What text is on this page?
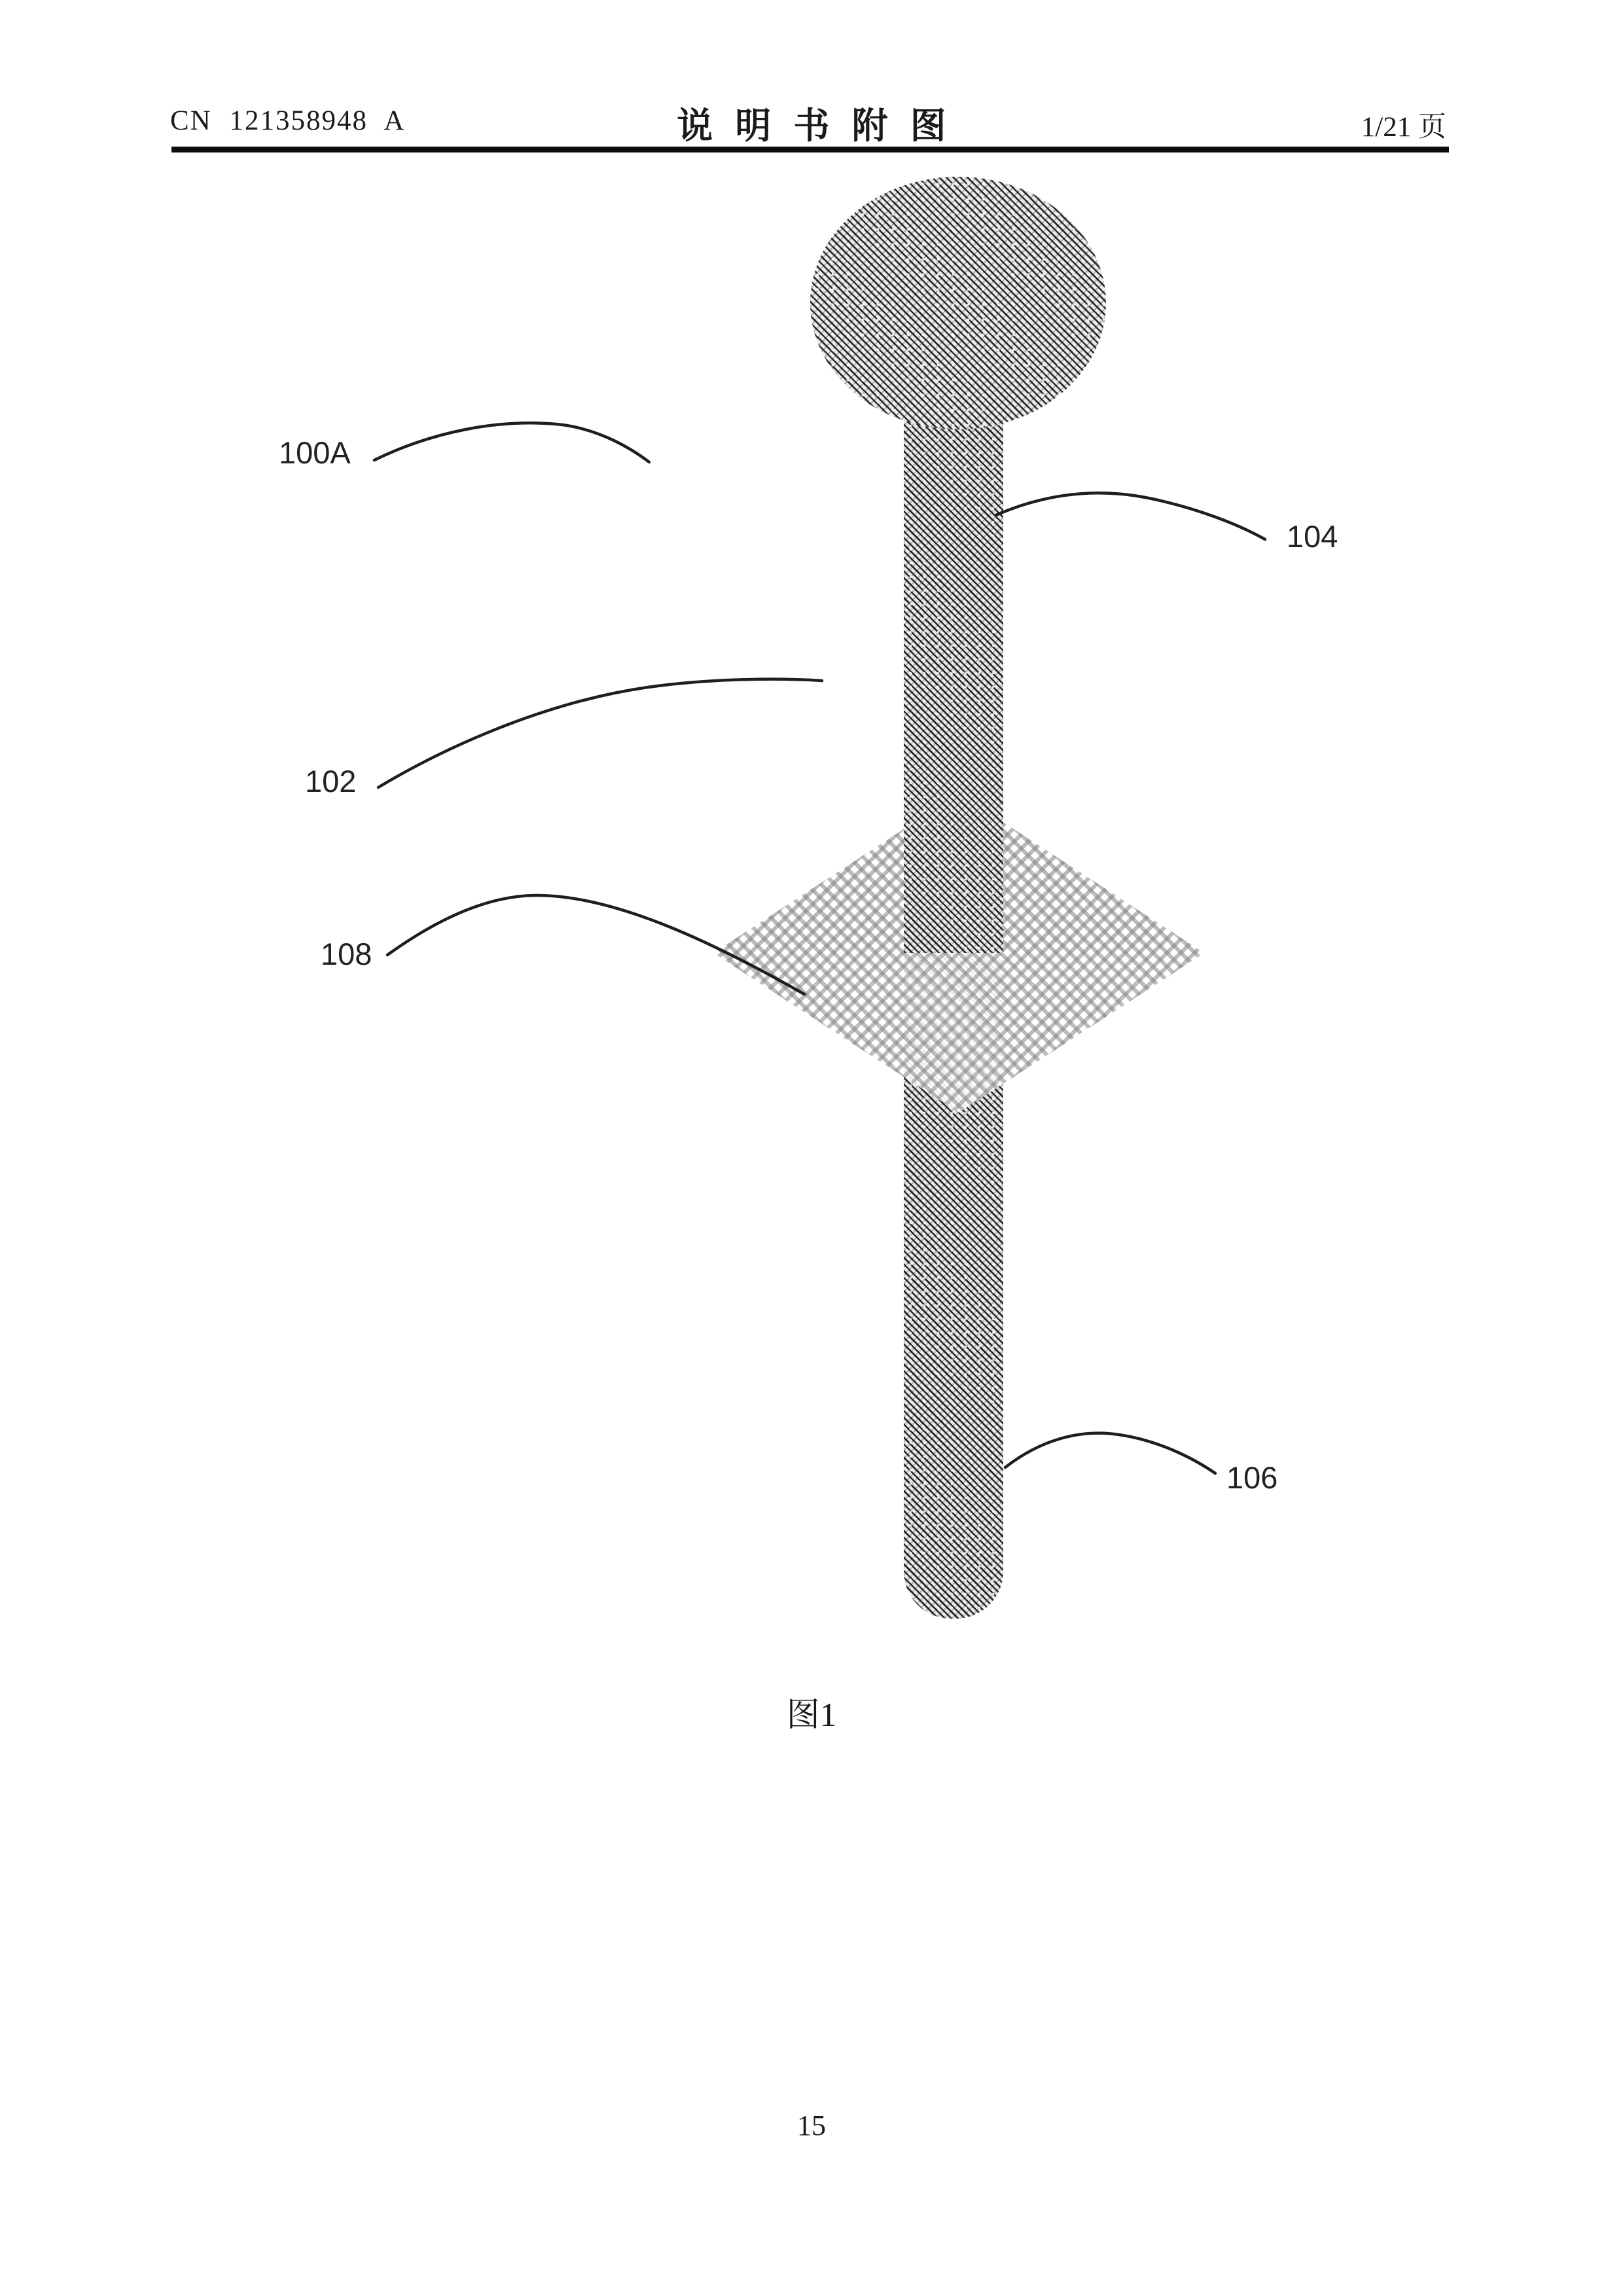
CN 121358948 A	说明书附图	1/21 页
100A
102
108
104
106
图1
15
